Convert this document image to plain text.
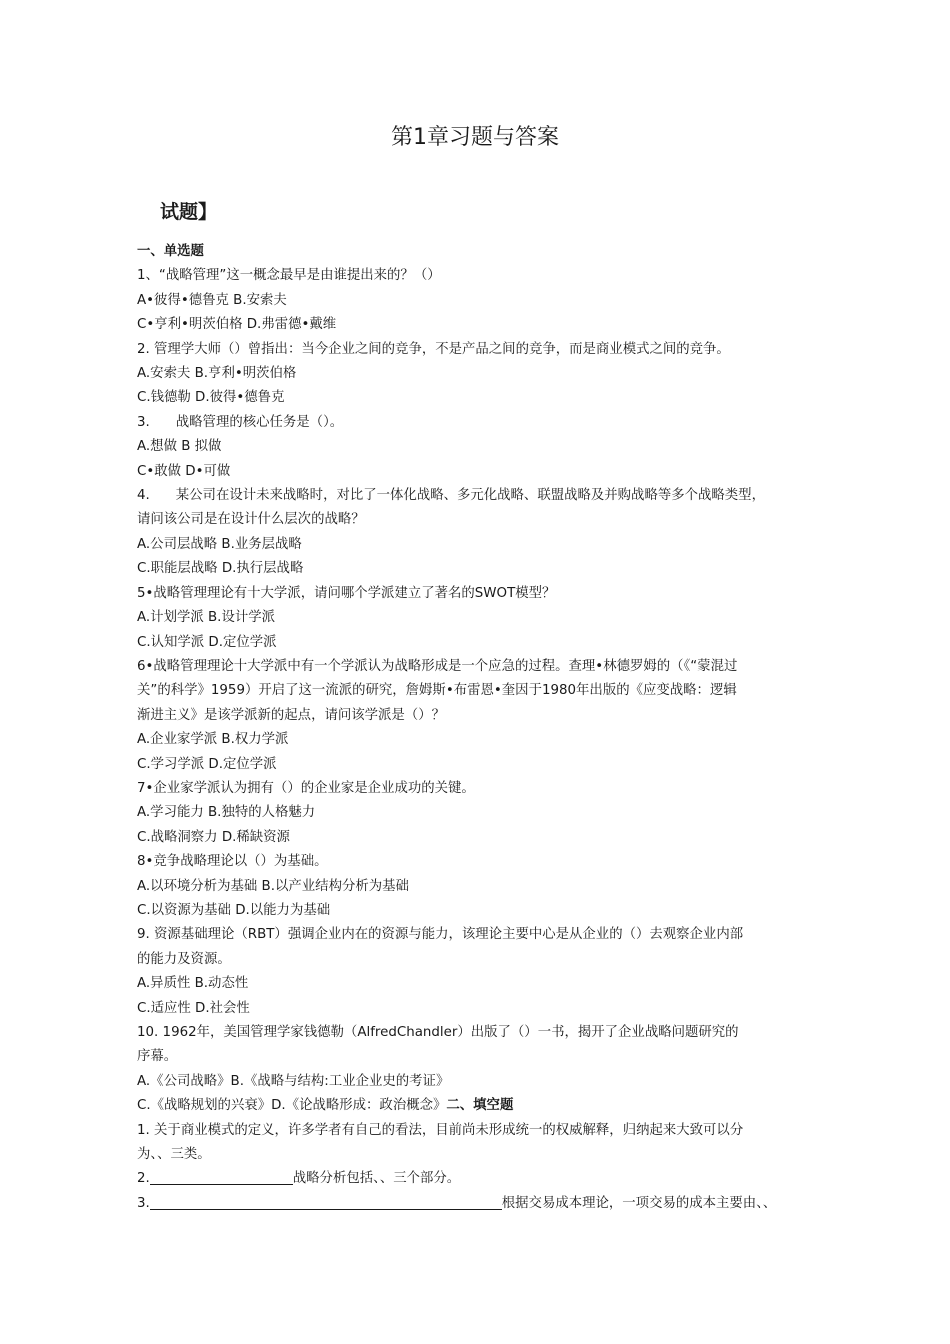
第1章习题与答案
试题】
一、单选题
1、“战略管理”这一概念最早是由谁提出来的？（）
A•彼得•德鲁克 B.安索夫
C•亨利•明茨伯格 D.弗雷德•戴维
2. 管理学大师（）曾指出：当今企业之间的竞争，不是产品之间的竞争，而是商业模式之间的竞争。
A.安索夫 B.亨利•明茨伯格
C.钱德勒 D.彼得•德鲁克
3. 战略管理的核心任务是（）。
A.想做 B 拟做
C•敢做 D•可做
4. 某公司在设计未来战略时，对比了一体化战略、多元化战略、联盟战略及并购战略等多个战略类型，
请问该公司是在设计什么层次的战略？
A.公司层战略 B.业务层战略
C.职能层战略 D.执行层战略
5•战略管理理论有十大学派，请问哪个学派建立了著名的SWOT模型？
A.计划学派 B.设计学派
C.认知学派 D.定位学派
6•战略管理理论十大学派中有一个学派认为战略形成是一个应急的过程。查理•林德罗姆的（《“蒙混过
关”的科学》1959）开启了这一流派的研究，詹姆斯•布雷恩•奎因于1980年出版的《应变战略：逻辑
渐进主义》是该学派新的起点，请问该学派是（）？
A.企业家学派 B.权力学派
C.学习学派 D.定位学派
7•企业家学派认为拥有（）的企业家是企业成功的关键。
A.学习能力 B.独特的人格魅力
C.战略洞察力 D.稀缺资源
8•竞争战略理论以（）为基础。
A.以环境分析为基础 B.以产业结构分析为基础
C.以资源为基础 D.以能力为基础
9. 资源基础理论（RBT）强调企业内在的资源与能力，该理论主要中心是从企业的（）去观察企业内部
的能力及资源。
A.异质性 B.动态性
C.适应性 D.社会性
10. 1962年，美国管理学家钱德勒（AlfredChandler）出版了（）一书，揭开了企业战略问题研究的
序幕。
A.《公司战略》B.《战略与结构:工业企业史的考证》
C.《战略规划的兴衰》D.《论战略形成：政治概念》二、填空题
1. 关于商业模式的定义，许多学者有自己的看法，目前尚未形成统一的权威解释，归纳起来大致可以分
为、、三类。
2.	战略分析包括、、三个部分。
3.	根据交易成本理论，一项交易的成本主要由、、
